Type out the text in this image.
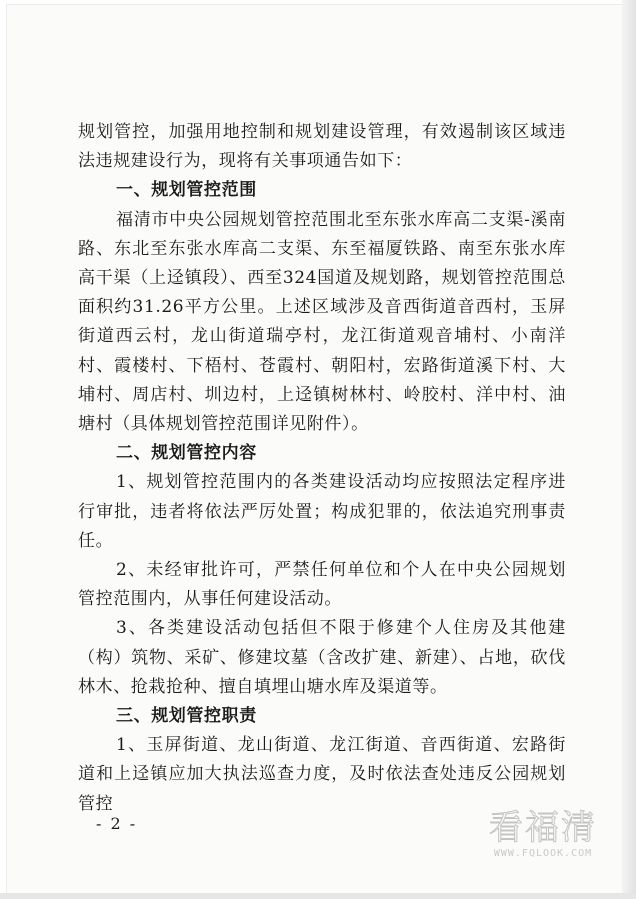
规划管控，加强用地控制和规划建设管理，有效遏制该区域违法违规建设行为，现将有关事项通告如下：

一、规划管控范围

福清市中央公园规划管控范围北至东张水库高二支渠-溪南路、东北至东张水库高二支渠、东至福厦铁路、南至东张水库高干渠（上迳镇段）、西至324国道及规划路，规划管控范围总面积约31.26平方公里。上述区域涉及音西街道音西村，玉屏街道西云村，龙山街道瑞亭村，龙江街道观音埔村、小南洋村、霞楼村、下梧村、苍霞村、朝阳村，宏路街道溪下村、大埔村、周店村、圳边村，上迳镇树林村、岭胶村、洋中村、油塘村（具体规划管控范围详见附件）。

二、规划管控内容

1、规划管控范围内的各类建设活动均应按照法定程序进行审批，违者将依法严厉处置；构成犯罪的，依法追究刑事责任。

2、未经审批许可，严禁任何单位和个人在中央公园规划管控范围内，从事任何建设活动。

3、各类建设活动包括但不限于修建个人住房及其他建（构）筑物、采矿、修建坟墓（含改扩建、新建）、占地，砍伐林木、抢栽抢种、擅自填埋山塘水库及渠道等。

三、规划管控职责

1、玉屏街道、龙山街道、龙江街道、音西街道、宏路街道和上迳镇应加大执法巡查力度，及时依法查处违反公园规划管控

- 2 -	看福清
WWW.FQLOOK.COM
